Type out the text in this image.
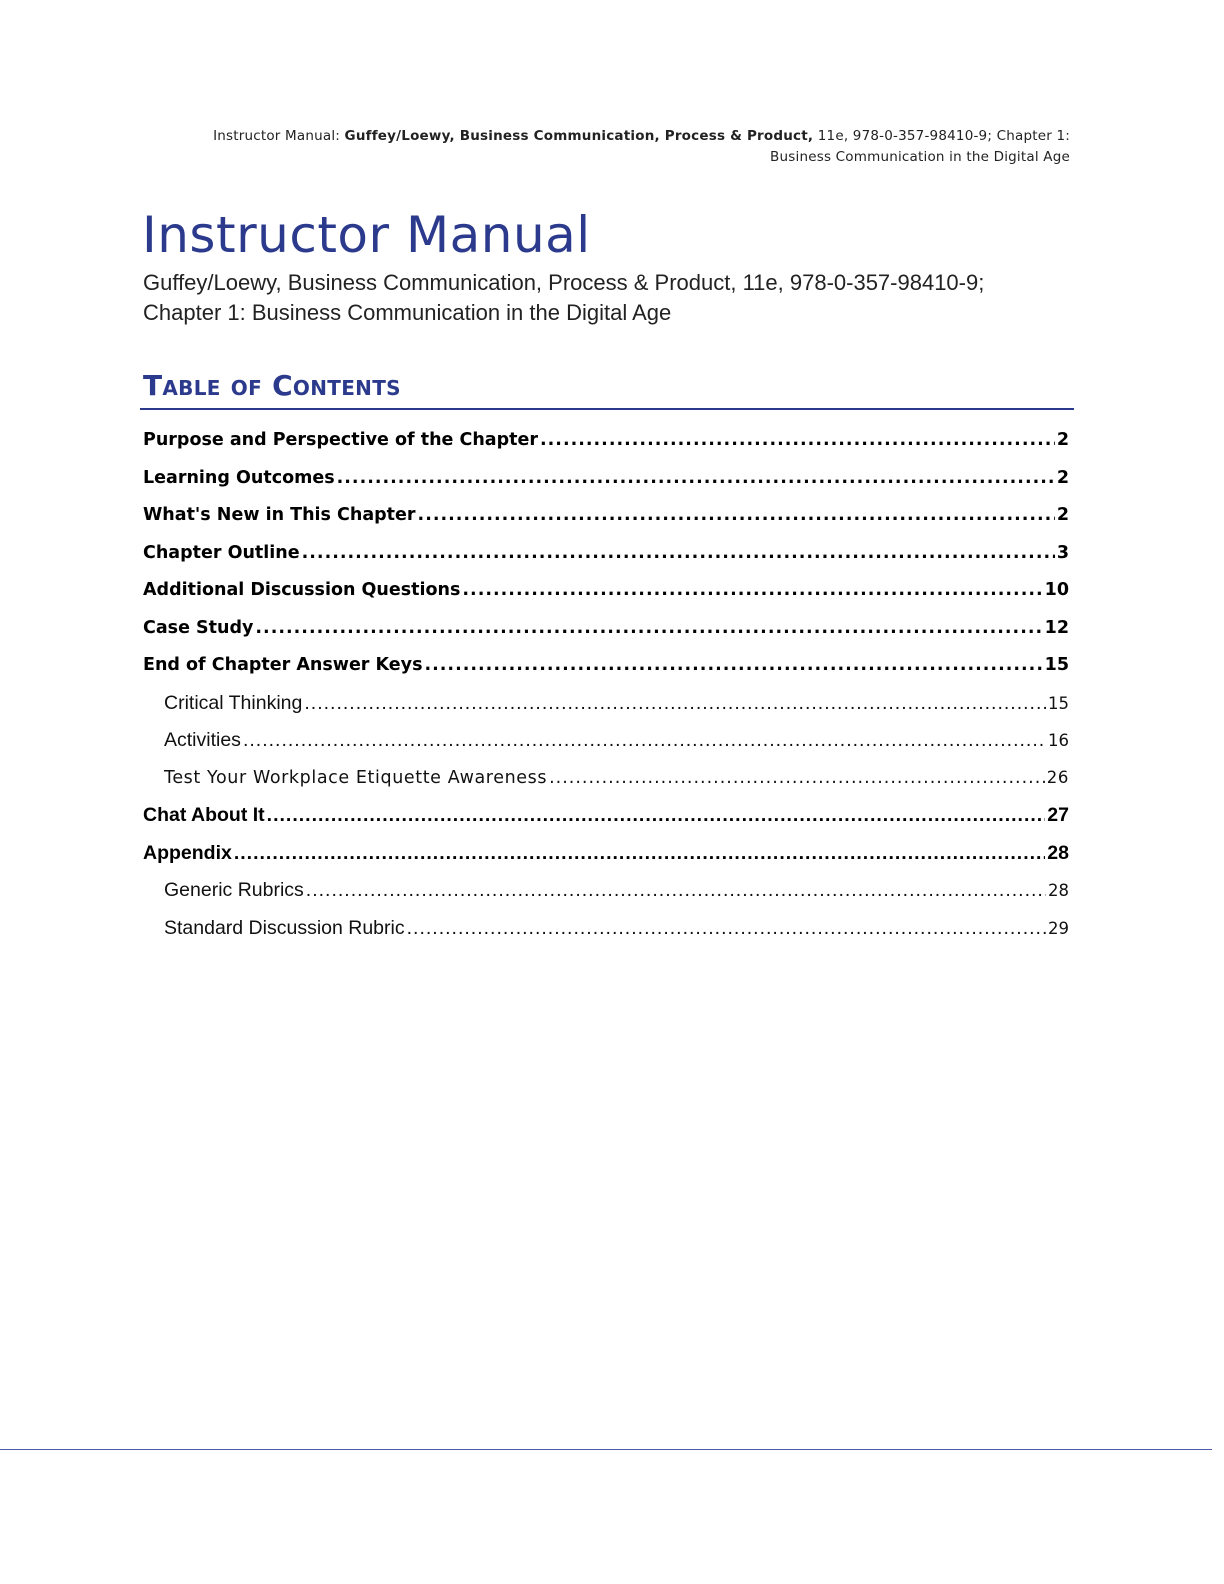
Instructor Manual: Guffey/Loewy, Business Communication, Process & Product, 11e, 978-0-357-98410-9; Chapter 1:
Business Communication in the Digital Age
Instructor Manual
Guffey/Loewy, Business Communication, Process & Product, 11e, 978-0-357-98410-9;
Chapter 1: Business Communication in the Digital Age
Table of Contents
Purpose and Perspective of the Chapter .....	2
Learning Outcomes .....	2
What's New in This Chapter .....	2
Chapter Outline .....	3
Additional Discussion Questions .....	10
Case Study .....	12
End of Chapter Answer Keys .....	15
Critical Thinking .....	15
Activities .....	16
Test Your Workplace Etiquette Awareness .....	26
Chat About It .....	27
Appendix .....	28
Generic Rubrics .....	28
Standard Discussion Rubric .....	29
